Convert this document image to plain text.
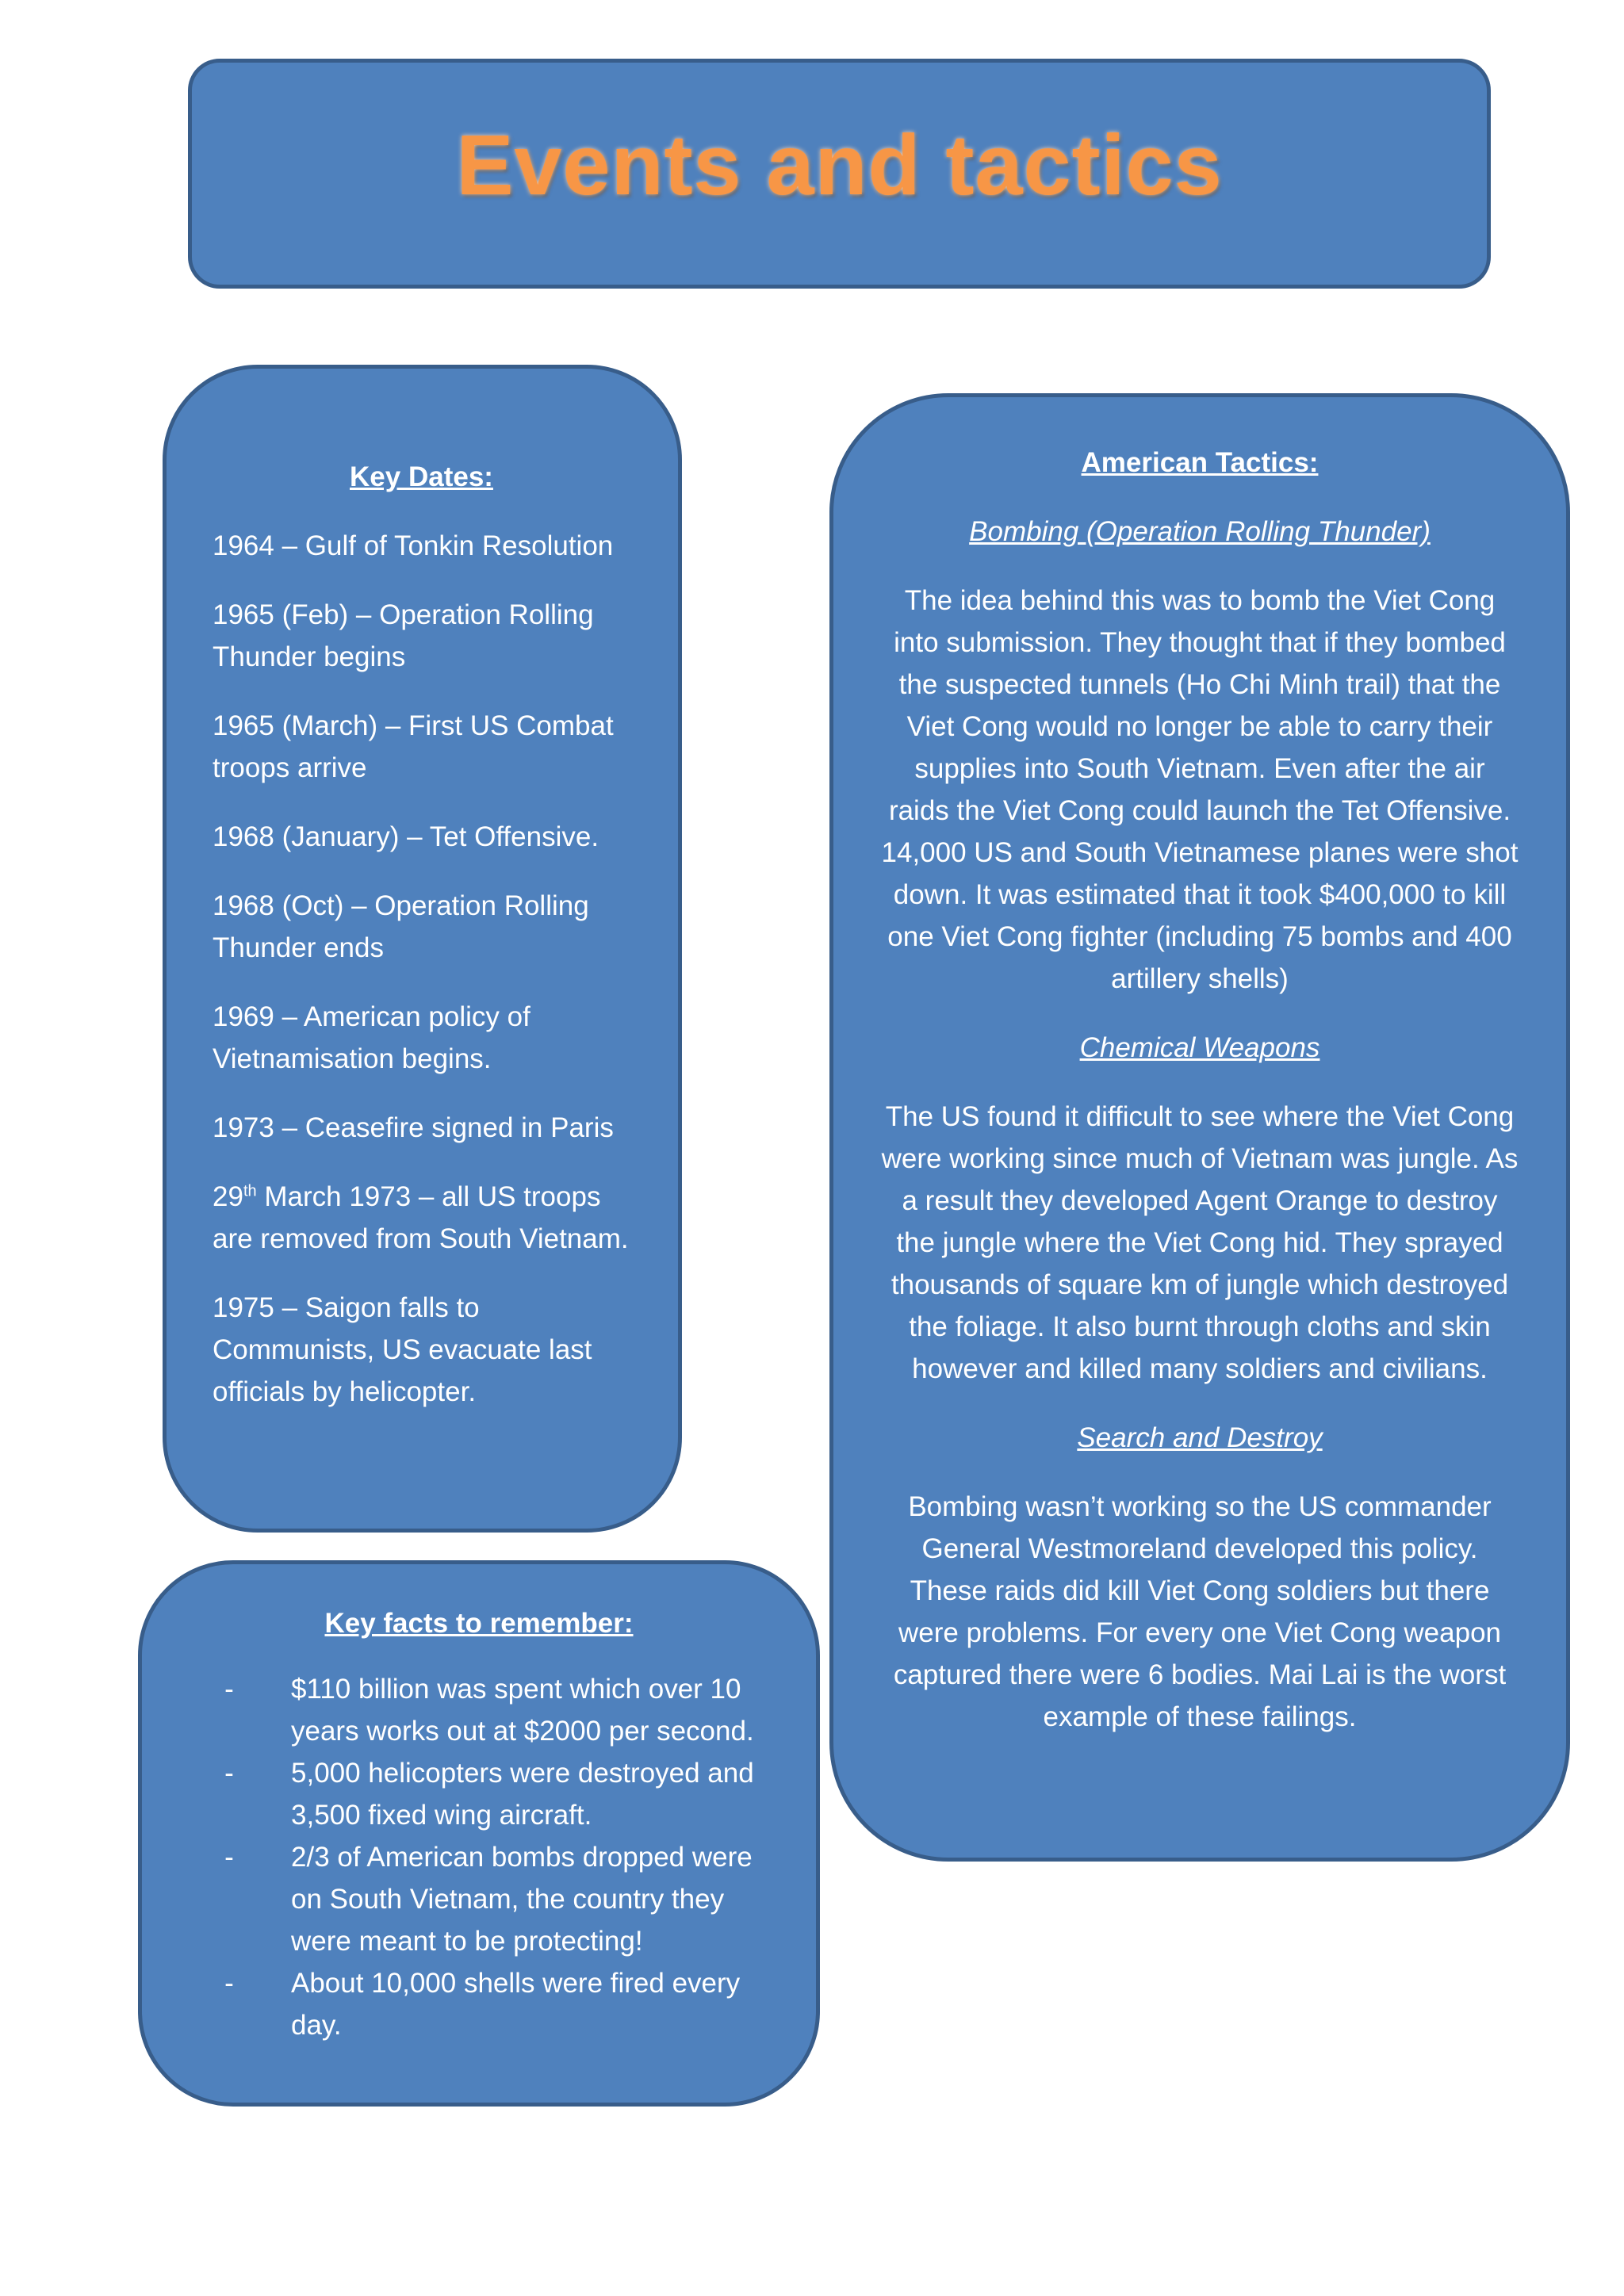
Events and tactics
Key Dates:
1964 – Gulf of Tonkin Resolution
1965 (Feb) – Operation Rolling Thunder begins
1965 (March) – First US Combat troops arrive
1968 (January) – Tet Offensive.
1968 (Oct) – Operation Rolling Thunder ends
1969 – American policy of Vietnamisation begins.
1973 – Ceasefire signed in Paris
29th March 1973 – all US troops are removed from South Vietnam.
1975 – Saigon falls to Communists, US evacuate last officials by helicopter.
Key facts to remember:
-	$110 billion was spent which over 10 years works out at $2000 per second.
-	5,000 helicopters were destroyed and 3,500 fixed wing aircraft.
-	2/3 of American bombs dropped were on South Vietnam, the country they were meant to be protecting!
-	About 10,000 shells were fired every day.
American Tactics:
Bombing (Operation Rolling Thunder)
The idea behind this was to bomb the Viet Cong into submission. They thought that if they bombed the suspected tunnels (Ho Chi Minh trail) that the Viet Cong would no longer be able to carry their supplies into South Vietnam. Even after the air raids the Viet Cong could launch the Tet Offensive. 14,000 US and South Vietnamese planes were shot down. It was estimated that it took $400,000 to kill one Viet Cong fighter (including 75 bombs and 400 artillery shells)
Chemical Weapons
The US found it difficult to see where the Viet Cong were working since much of Vietnam was jungle. As a result they developed Agent Orange to destroy the jungle where the Viet Cong hid. They sprayed thousands of square km of jungle which destroyed the foliage. It also burnt through cloths and skin however and killed many soldiers and civilians.
Search and Destroy
Bombing wasn’t working so the US commander General Westmoreland developed this policy. These raids did kill Viet Cong soldiers but there were problems. For every one Viet Cong weapon captured there were 6 bodies. Mai Lai is the worst example of these failings.
